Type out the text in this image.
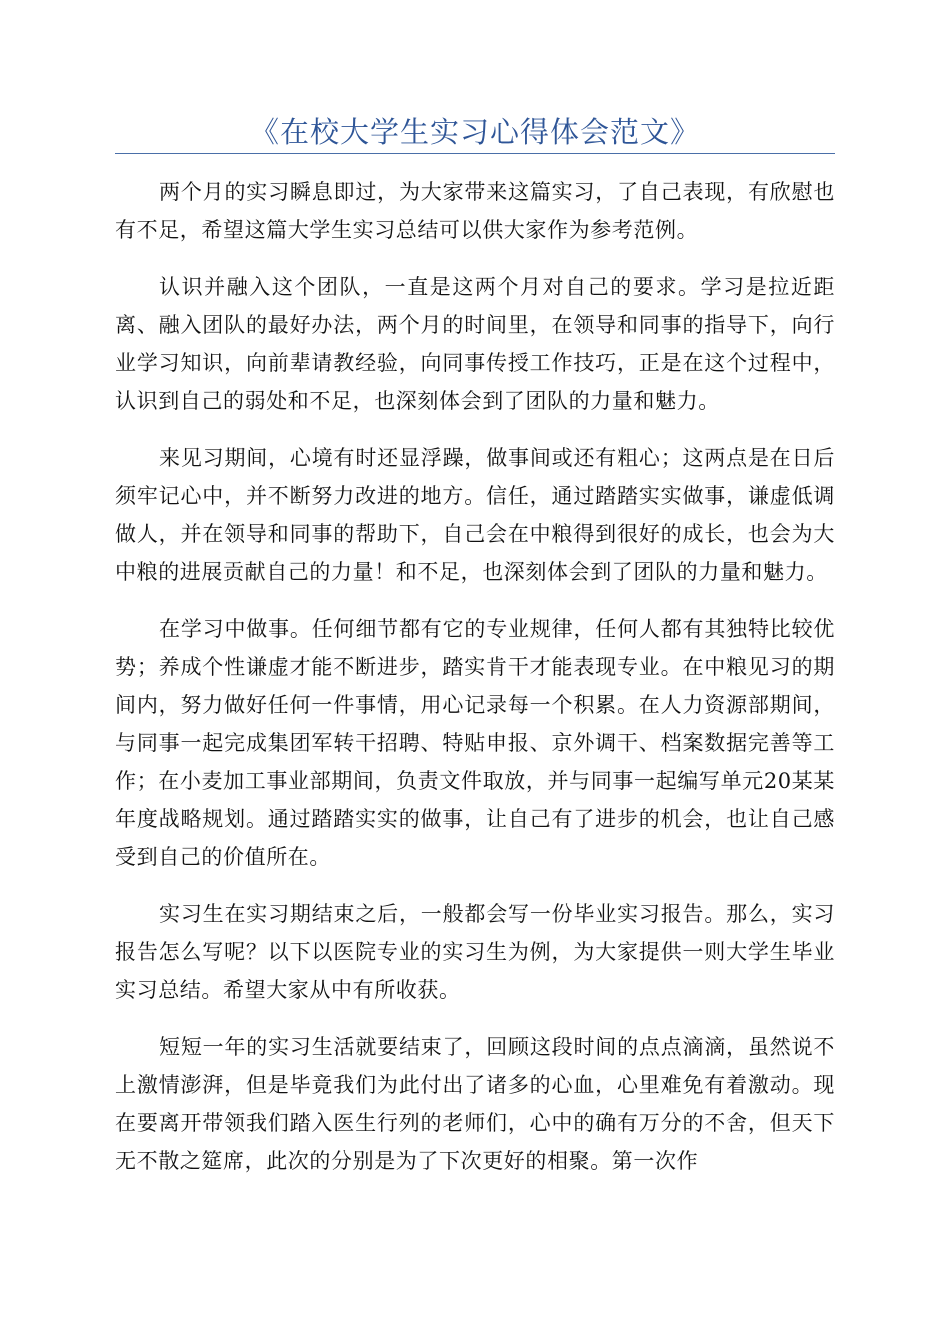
《在校大学生实习心得体会范文》

两个月的实习瞬息即过，为大家带来这篇实习，了自己表现，有欣慰也有不足，希望这篇大学生实习总结可以供大家作为参考范例。

认识并融入这个团队，一直是这两个月对自己的要求。学习是拉近距离、融入团队的最好办法，两个月的时间里，在领导和同事的指导下，向行业学习知识，向前辈请教经验，向同事传授工作技巧，正是在这个过程中，认识到自己的弱处和不足，也深刻体会到了团队的力量和魅力。

来见习期间，心境有时还显浮躁，做事间或还有粗心；这两点是在日后须牢记心中，并不断努力改进的地方。信任，通过踏踏实实做事，谦虚低调做人，并在领导和同事的帮助下，自己会在中粮得到很好的成长，也会为大中粮的进展贡献自己的力量！和不足，也深刻体会到了团队的力量和魅力。

在学习中做事。任何细节都有它的专业规律，任何人都有其独特比较优势；养成个性谦虚才能不断进步，踏实肯干才能表现专业。在中粮见习的期间内，努力做好任何一件事情，用心记录每一个积累。在人力资源部期间，与同事一起完成集团军转干招聘、特贴申报、京外调干、档案数据完善等工作；在小麦加工事业部期间，负责文件取放，并与同事一起编写单元20某某年度战略规划。通过踏踏实实的做事，让自己有了进步的机会，也让自己感受到自己的价值所在。

实习生在实习期结束之后，一般都会写一份毕业实习报告。那么，实习报告怎么写呢？以下以医院专业的实习生为例，为大家提供一则大学生毕业实习总结。希望大家从中有所收获。

短短一年的实习生活就要结束了，回顾这段时间的点点滴滴，虽然说不上激情澎湃，但是毕竟我们为此付出了诸多的心血，心里难免有着激动。现在要离开带领我们踏入医生行列的老师们，心中的确有万分的不舍，但天下无不散之筵席，此次的分别是为了下次更好的相聚。第一次作
